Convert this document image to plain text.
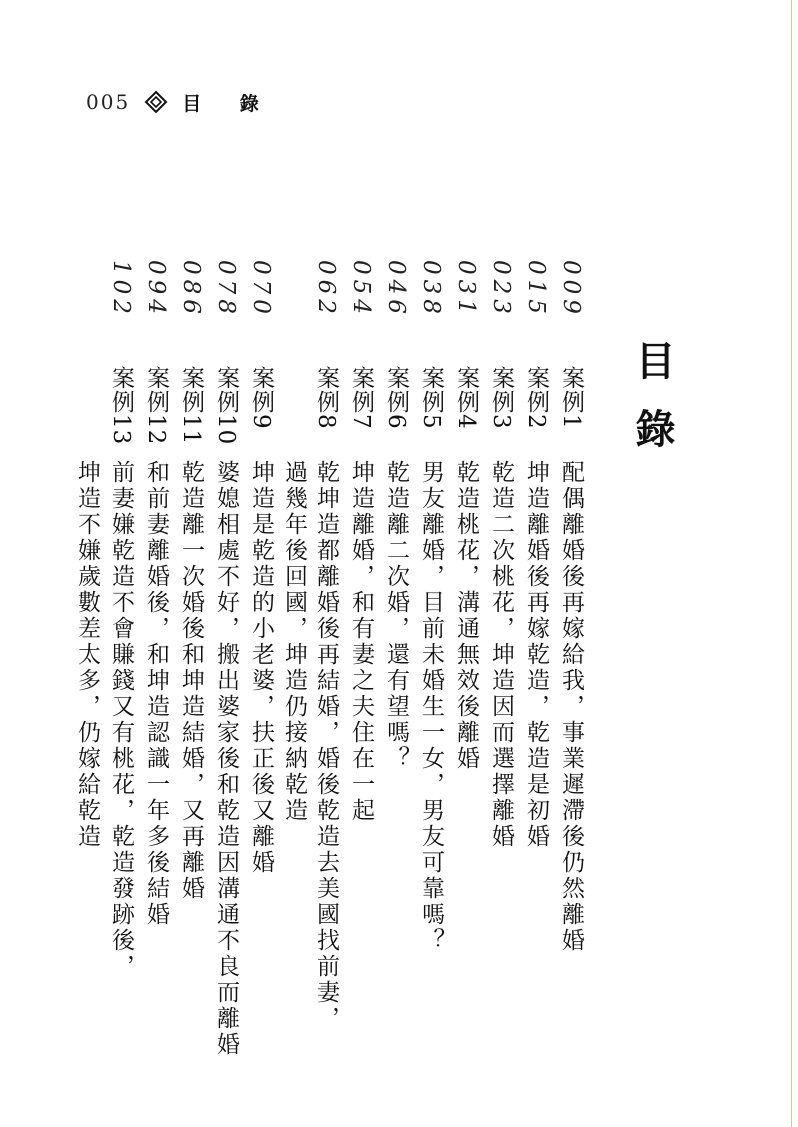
005	目 錄
目錄
009案例1配偶離婚後再嫁給我，事業遲滯後仍然離婚
015案例2坤造離婚後再嫁乾造，乾造是初婚
023案例3乾造二次桃花，坤造因而選擇離婚
031案例4乾造桃花，溝通無效後離婚
038案例5男友離婚，目前未婚生一女，男友可靠嗎？
046案例6乾造離二次婚，還有望嗎？
054案例7坤造離婚，和有妻之夫住在一起
062案例8乾坤造都離婚後再結婚，婚後乾造去美國找前妻，
過幾年後回國，坤造仍接納乾造
070案例9坤造是乾造的小老婆，扶正後又離婚
078案例10婆媳相處不好，搬出婆家後和乾造因溝通不良而離婚
086案例11乾造離一次婚後和坤造結婚，又再離婚
094案例12和前妻離婚後，和坤造認識一年多後結婚
102案例13前妻嫌乾造不會賺錢又有桃花，乾造發跡後，
坤造不嫌歲數差太多，仍嫁給乾造
